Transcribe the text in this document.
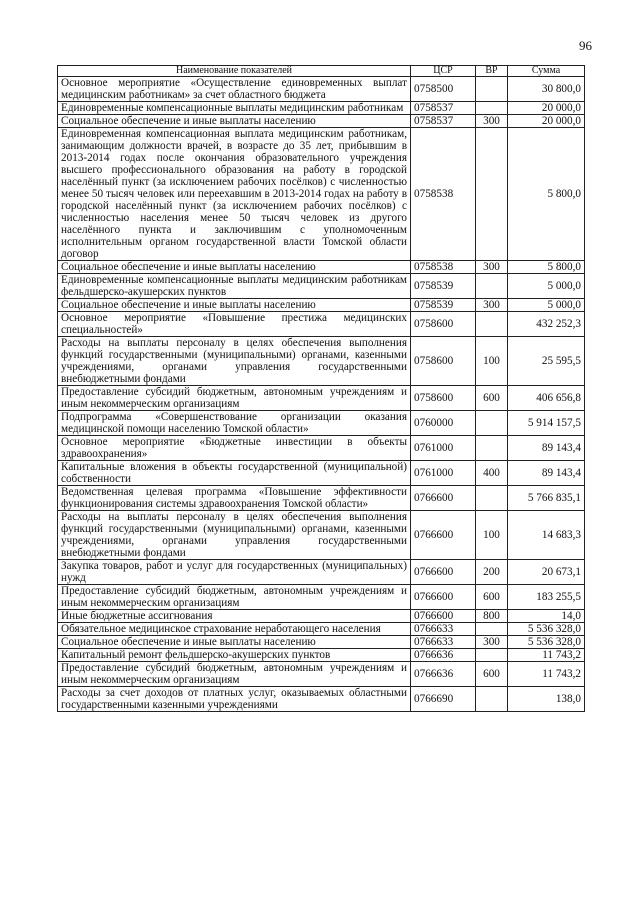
96
Наименование показателей	ЦСР	ВР	Сумма
Основное мероприятие «Осуществление единовременных выплат медицинским работникам» за счет областного бюджета	0758500		30 800,0
Единовременные компенсационные выплаты медицинским работникам	0758537		20 000,0
Социальное обеспечение и иные выплаты населению	0758537	300	20 000,0
Единовременная компенсационная выплата медицинским работникам, занимающим должности врачей, в возрасте до 35 лет, прибывшим в 2013-2014 годах после окончания образовательного учреждения высшего профессионального образования на работу в городской населённый пункт (за исключением рабочих посёлков) с численностью менее 50 тысяч человек или переехавшим в 2013-2014 годах на работу в городской населённый пункт (за исключением рабочих посёлков) с численностью населения менее 50 тысяч человек из другого населённого пункта и заключившим с уполномоченным исполнительным органом государственной власти Томской области договор	0758538		5 800,0
Социальное обеспечение и иные выплаты населению	0758538	300	5 800,0
Единовременные компенсационные выплаты медицинским работникам фельдшерско-акушерских пунктов	0758539		5 000,0
Социальное обеспечение и иные выплаты населению	0758539	300	5 000,0
Основное мероприятие «Повышение престижа медицинских специальностей»	0758600		432 252,3
Расходы на выплаты персоналу в целях обеспечения выполнения функций государственными (муниципальными) органами, казенными учреждениями, органами управления государственными внебюджетными фондами	0758600	100	25 595,5
Предоставление субсидий бюджетным, автономным учреждениям и иным некоммерческим организациям	0758600	600	406 656,8
Подпрограмма «Совершенствование организации оказания медицинской помощи населению Томской области»	0760000		5 914 157,5
Основное мероприятие «Бюджетные инвестиции в объекты здравоохранения»	0761000		89 143,4
Капитальные вложения в объекты государственной (муниципальной) собственности	0761000	400	89 143,4
Ведомственная целевая программа «Повышение эффективности функционирования системы здравоохранения Томской области»	0766600		5 766 835,1
Расходы на выплаты персоналу в целях обеспечения выполнения функций государственными (муниципальными) органами, казенными учреждениями, органами управления государственными внебюджетными фондами	0766600	100	14 683,3
Закупка товаров, работ и услуг для государственных (муниципальных) нужд	0766600	200	20 673,1
Предоставление субсидий бюджетным, автономным учреждениям и иным некоммерческим организациям	0766600	600	183 255,5
Иные бюджетные ассигнования	0766600	800	14,0
Обязательное медицинское страхование неработающего населения	0766633		5 536 328,0
Социальное обеспечение и иные выплаты населению	0766633	300	5 536 328,0
Капитальный ремонт фельдшерско-акушерских пунктов	0766636		11 743,2
Предоставление субсидий бюджетным, автономным учреждениям и иным некоммерческим организациям	0766636	600	11 743,2
Расходы за счет доходов от платных услуг, оказываемых областными государственными казенными учреждениями	0766690		138,0
